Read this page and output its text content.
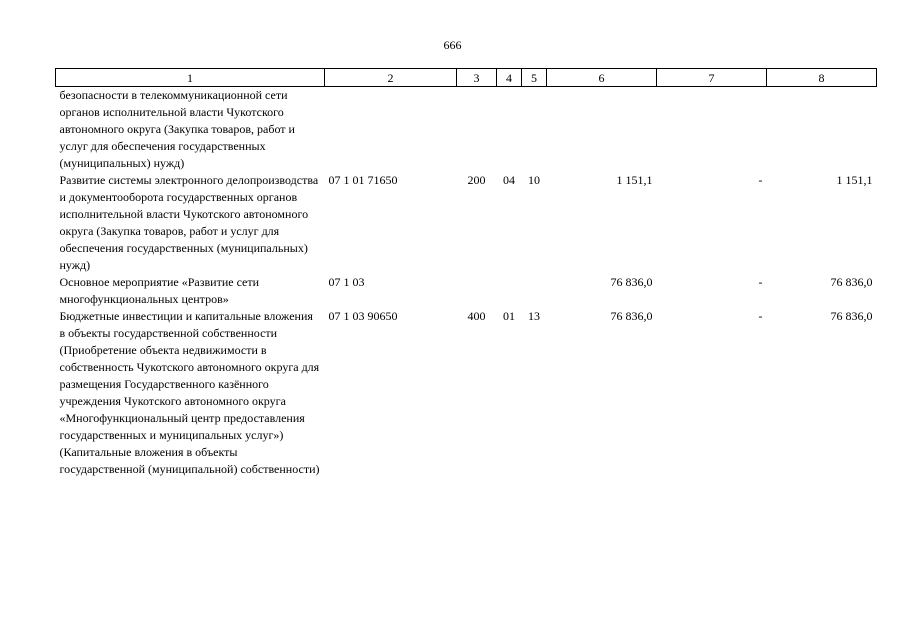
666
1	2	3	4	5	6	7	8
безопасности в телекоммуникационной сети органов исполнительной власти Чукотского автономного округа (Закупка товаров, работ и услуг для обеспечения государственных (муниципальных) нужд)							
Развитие системы электронного делопроизводства и документооборота государственных органов исполнительной власти Чукотского автономного округа (Закупка товаров, работ и услуг для обеспечения государственных (муниципальных) нужд)	07 1 01 71650	200	04	10	1 151,1	-	1 151,1
Основное мероприятие «Развитие сети многофункциональных центров»	07 1 03				76 836,0	-	76 836,0
Бюджетные инвестиции и капитальные вложения в объекты государственной собственности (Приобретение объекта недвижимости в собственность Чукотского автономного округа для размещения Государственного казённого учреждения Чукотского автономного округа «Многофункциональный центр предоставления государственных и муниципальных услуг») (Капитальные вложения в объекты государственной (муниципальной) собственности)	07 1 03 90650	400	01	13	76 836,0	-	76 836,0
